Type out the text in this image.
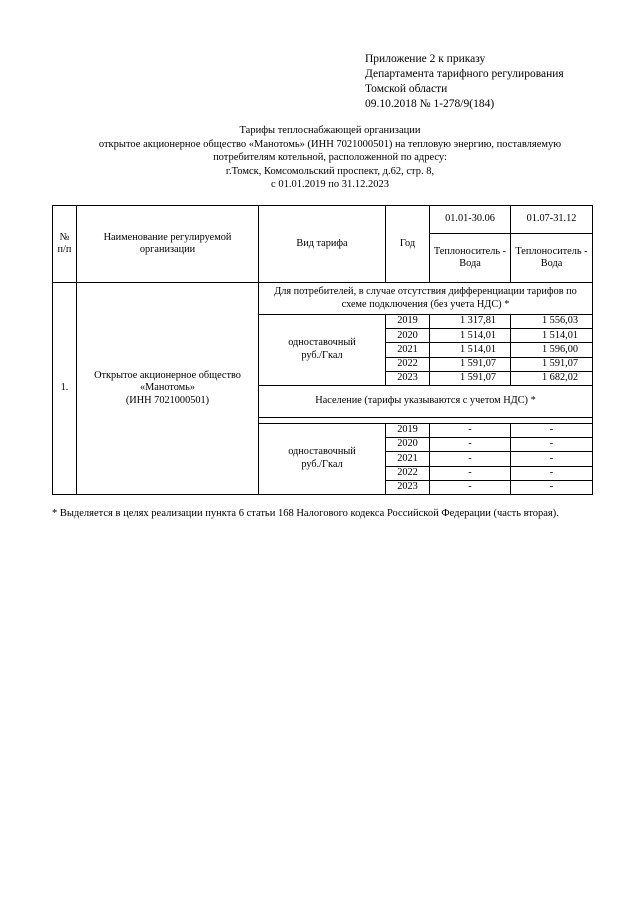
Приложение 2 к приказу
Департамента тарифного регулирования
Томской области
09.10.2018 № 1-278/9(184)
Тарифы теплоснабжающей организации
открытое акционерное общество «Манотомь» (ИНН 7021000501) на тепловую энергию, поставляемую
потребителям котельной, расположенной по адресу:
г.Томск, Комсомольский проспект, д.62, стр. 8,
с 01.01.2019 по 31.12.2023
№ п/п	Наименование регулируемой организации	Вид тарифа	Год	01.01-30.06	01.07-31.12
				Теплоноситель - Вода	Теплоноситель - Вода
1.	Открытое акционерное общество
«Манотомь»
(ИНН 7021000501)	Для потребителей, в случае отсутствия дифференциации тарифов по схеме подключения (без учета НДС) *			

		одноставочный
руб./Гкал	2019	1 317,81	1 556,03
			2020	1 514,01	1 514,01
			2021	1 514,01	1 596,00
			2022	1 591,07	1 591,07
			2023	1 591,07	1 682,02
		Население (тарифы указываются с учетом НДС) *			

		одноставочный
руб./Гкал	2019	-	-
			2020	-	-
			2021	-	-
			2022	-	-
			2023	-	-

* Выделяется в целях реализации пункта 6 статьи 168 Налогового кодекса Российской Федерации (часть вторая).
